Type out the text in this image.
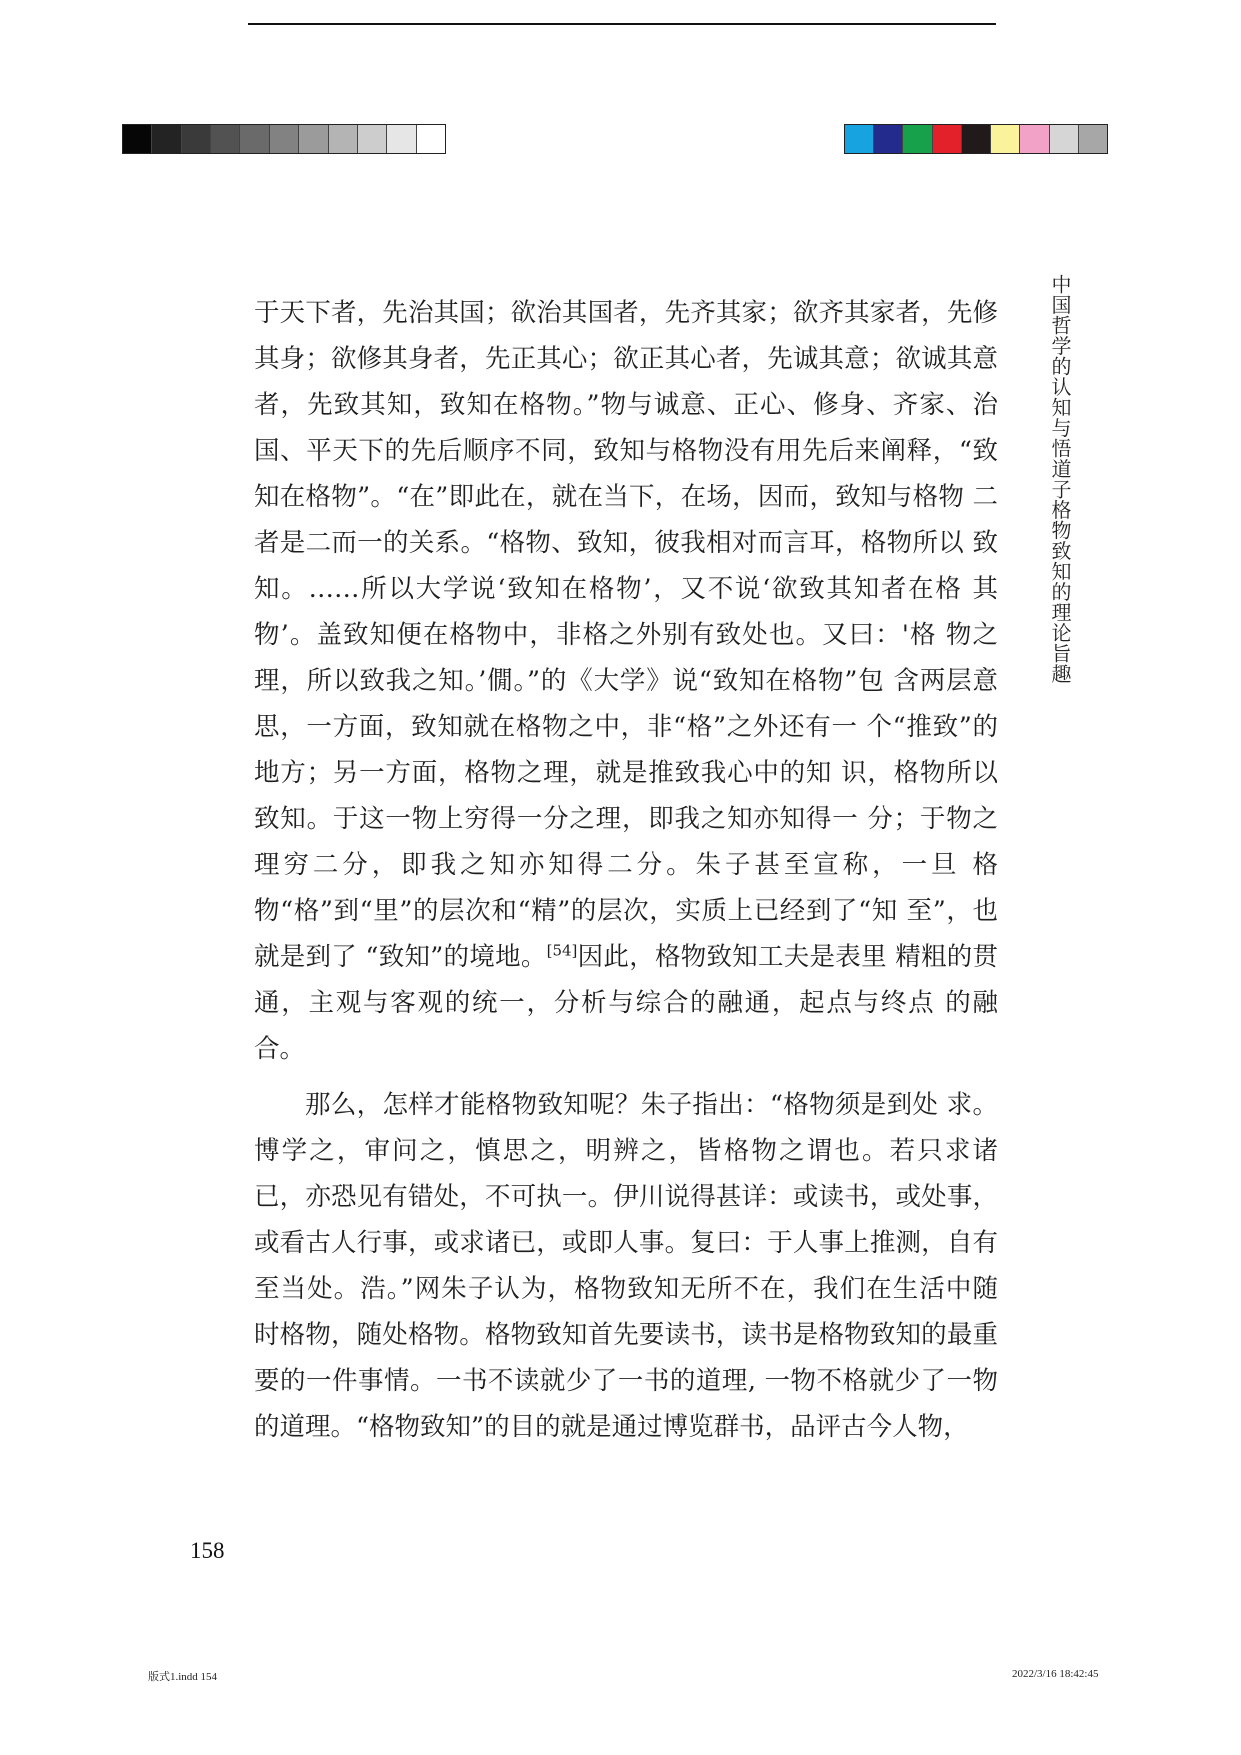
中国哲学的认知与悟道子格物致知的理论旨趣

于天下者，先治其国；欲治其国者，先齐其家；欲齐其家者，先修 其身；欲修其身者，先正其心；欲正其心者，先诚其意；欲诚其意 者，先致其知，致知在格物。”物与诚意、正心、修身、齐家、治 国、平天下的先后顺序不同，致知与格物没有用先后来阐释，“致 知在格物”。“在”即此在，就在当下，在场，因而，致知与格物 二者是二而一的关系。“格物、致知，彼我相对而言耳，格物所以 致知。……所以大学说‘致知在格物’，又不说‘欲致其知者在格 其物’。盖致知便在格物中，非格之外别有致处也。又曰：'格 物之理，所以致我之知。’僩。”的《大学》说“致知在格物”包 含两层意思，一方面，致知就在格物之中，非“格”之外还有一 个“推致”的地方；另一方面，格物之理，就是推致我心中的知 识，格物所以致知。于这一物上穷得一分之理，即我之知亦知得一 分；于物之理穷二分，即我之知亦知得二分。朱子甚至宣称，一旦 格物“格”到“里”的层次和“精”的层次，实质上已经到了“知 至”，也就是到了 “致知”的境地。[54]因此，格物致知工夫是表里 精粗的贯通，主观与客观的统一，分析与综合的融通，起点与终点 的融合。

那么，怎样才能格物致知呢？朱子指出：“格物须是到处 求。博学之，审问之，慎思之，明辨之，皆格物之谓也。若只求诸 已，亦恐见有错处，不可执一。伊川说得甚详：或读书，或处事， 或看古人行事，或求诸已，或即人事。复曰：于人事上推测，自有 至当处。浩。”网朱子认为，格物致知无所不在，我们在生活中随 时格物，随处格物。格物致知首先要读书，读书是格物致知的最重 要的一件事情。一书不读就少了一书的道理, 一物不格就少了一物 的道理。“格物致知”的目的就是通过博览群书，品评古今人物，

158
版式1.indd 154	2022/3/16 18:42:45
